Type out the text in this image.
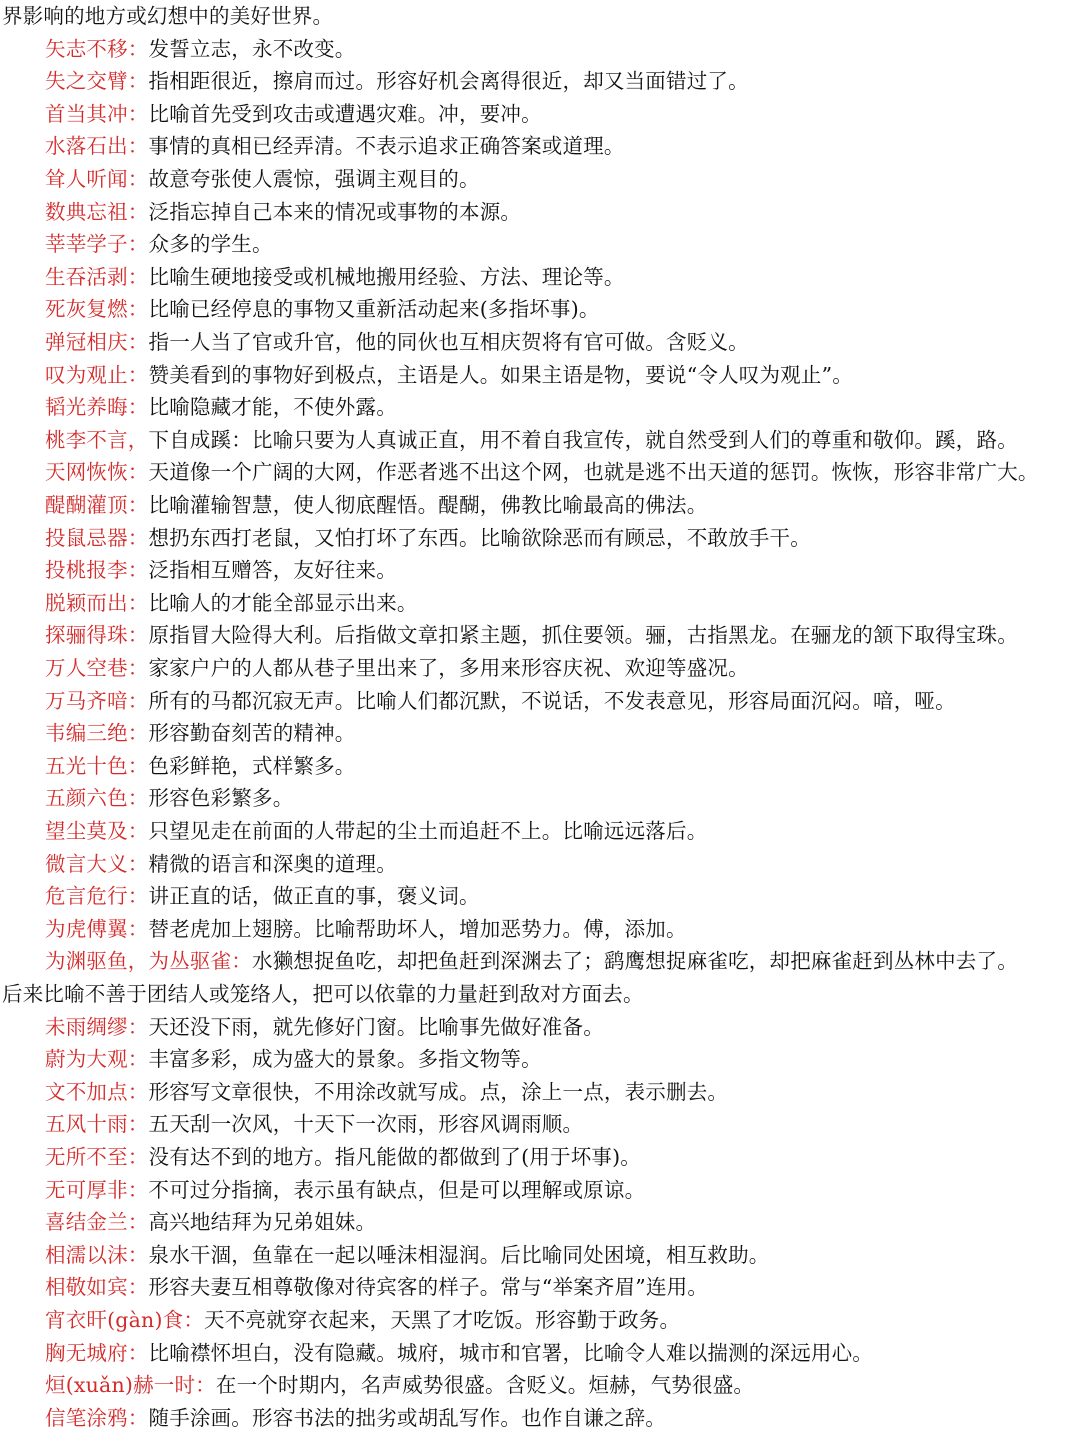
界影响的地方或幻想中的美好世界。
矢志不移：发誓立志，永不改变。
失之交臂：指相距很近，擦肩而过。形容好机会离得很近，却又当面错过了。
首当其冲：比喻首先受到攻击或遭遇灾难。冲，要冲。
水落石出：事情的真相已经弄清。不表示追求正确答案或道理。
耸人听闻：故意夸张使人震惊，强调主观目的。
数典忘祖：泛指忘掉自己本来的情况或事物的本源。
莘莘学子：众多的学生。
生吞活剥：比喻生硬地接受或机械地搬用经验、方法、理论等。
死灰复燃：比喻已经停息的事物又重新活动起来(多指坏事)。
弹冠相庆：指一人当了官或升官，他的同伙也互相庆贺将有官可做。含贬义。
叹为观止：赞美看到的事物好到极点，主语是人。如果主语是物，要说“令人叹为观止”。
韬光养晦：比喻隐藏才能，不使外露。
桃李不言，下自成蹊：比喻只要为人真诚正直，用不着自我宣传，就自然受到人们的尊重和敬仰。蹊，路。
天网恢恢：天道像一个广阔的大网，作恶者逃不出这个网，也就是逃不出天道的惩罚。恢恢，形容非常广大。
醍醐灌顶：比喻灌输智慧，使人彻底醒悟。醍醐，佛教比喻最高的佛法。
投鼠忌器：想扔东西打老鼠，又怕打坏了东西。比喻欲除恶而有顾忌，不敢放手干。
投桃报李：泛指相互赠答，友好往来。
脱颖而出：比喻人的才能全部显示出来。
探骊得珠：原指冒大险得大利。后指做文章扣紧主题，抓住要领。骊，古指黑龙。在骊龙的颔下取得宝珠。
万人空巷：家家户户的人都从巷子里出来了，多用来形容庆祝、欢迎等盛况。
万马齐喑：所有的马都沉寂无声。比喻人们都沉默，不说话，不发表意见，形容局面沉闷。喑，哑。
韦编三绝：形容勤奋刻苦的精神。
五光十色：色彩鲜艳，式样繁多。
五颜六色：形容色彩繁多。
望尘莫及：只望见走在前面的人带起的尘土而追赶不上。比喻远远落后。
微言大义：精微的语言和深奥的道理。
危言危行：讲正直的话，做正直的事，褒义词。
为虎傅翼：替老虎加上翅膀。比喻帮助坏人，增加恶势力。傅，添加。
为渊驱鱼，为丛驱雀：水獭想捉鱼吃，却把鱼赶到深渊去了；鹞鹰想捉麻雀吃，却把麻雀赶到丛林中去了。
后来比喻不善于团结人或笼络人，把可以依靠的力量赶到敌对方面去。
未雨绸缪：天还没下雨，就先修好门窗。比喻事先做好准备。
蔚为大观：丰富多彩，成为盛大的景象。多指文物等。
文不加点：形容写文章很快，不用涂改就写成。点，涂上一点，表示删去。
五风十雨：五天刮一次风，十天下一次雨，形容风调雨顺。
无所不至：没有达不到的地方。指凡能做的都做到了(用于坏事)。
无可厚非：不可过分指摘，表示虽有缺点，但是可以理解或原谅。
喜结金兰：高兴地结拜为兄弟姐妹。
相濡以沫：泉水干涸，鱼靠在一起以唾沫相湿润。后比喻同处困境，相互救助。
相敬如宾：形容夫妻互相尊敬像对待宾客的样子。常与“举案齐眉”连用。
宵衣旰(gàn)食：天不亮就穿衣起来，天黑了才吃饭。形容勤于政务。
胸无城府：比喻襟怀坦白，没有隐藏。城府，城市和官署，比喻令人难以揣测的深远用心。
烜(xuǎn)赫一时：在一个时期内，名声威势很盛。含贬义。烜赫，气势很盛。
信笔涂鸦：随手涂画。形容书法的拙劣或胡乱写作。也作自谦之辞。
